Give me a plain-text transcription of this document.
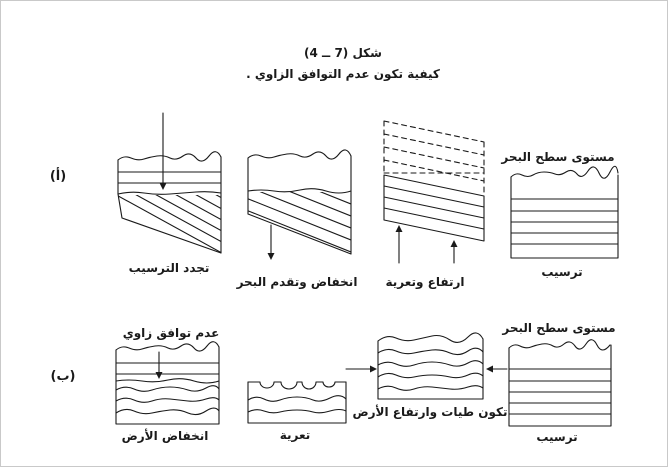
شكل (7 ــ 4)
كيفية تكون عدم التوافق الزاوي .
(أ)
(ب)
مستوى سطح البحر
ترسيب
ارتفاع وتعرية
انخفاض وتقدم البحر
تجدد الترسيب
مستوى سطح البحر
ترسيب
تكون طيات وارتفاع الأرض
تعرية
انخفاض الأرض
عدم توافق زاوي
